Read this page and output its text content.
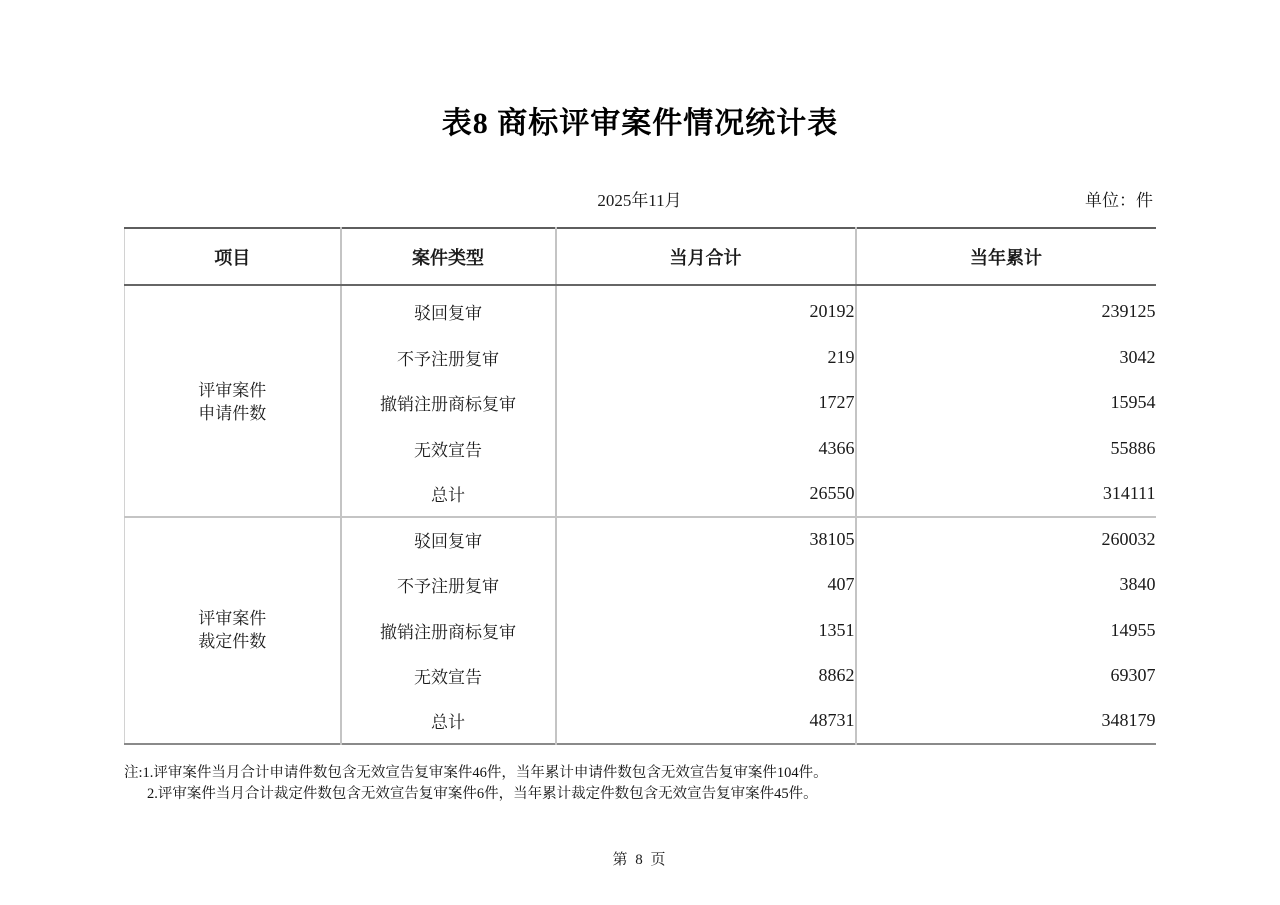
表8 商标评审案件情况统计表
2025年11月	单位：件
项目	案件类型	当月合计	当年累计

评审案件
申请件数	驳回复审	20192	239125
	不予注册复审	219	3042
	撤销注册商标复审	1727	15954
	无效宣告	4366	55886
	总计	26550	314111

评审案件
裁定件数	驳回复审	38105	260032
	不予注册复审	407	3840
	撤销注册商标复审	1351	14955
	无效宣告	8862	69307
	总计	48731	348179
注:1.评审案件当月合计申请件数包含无效宣告复审案件46件，当年累计申请件数包含无效宣告复审案件104件。
2.评审案件当月合计裁定件数包含无效宣告复审案件6件，当年累计裁定件数包含无效宣告复审案件45件。
第 8 页
